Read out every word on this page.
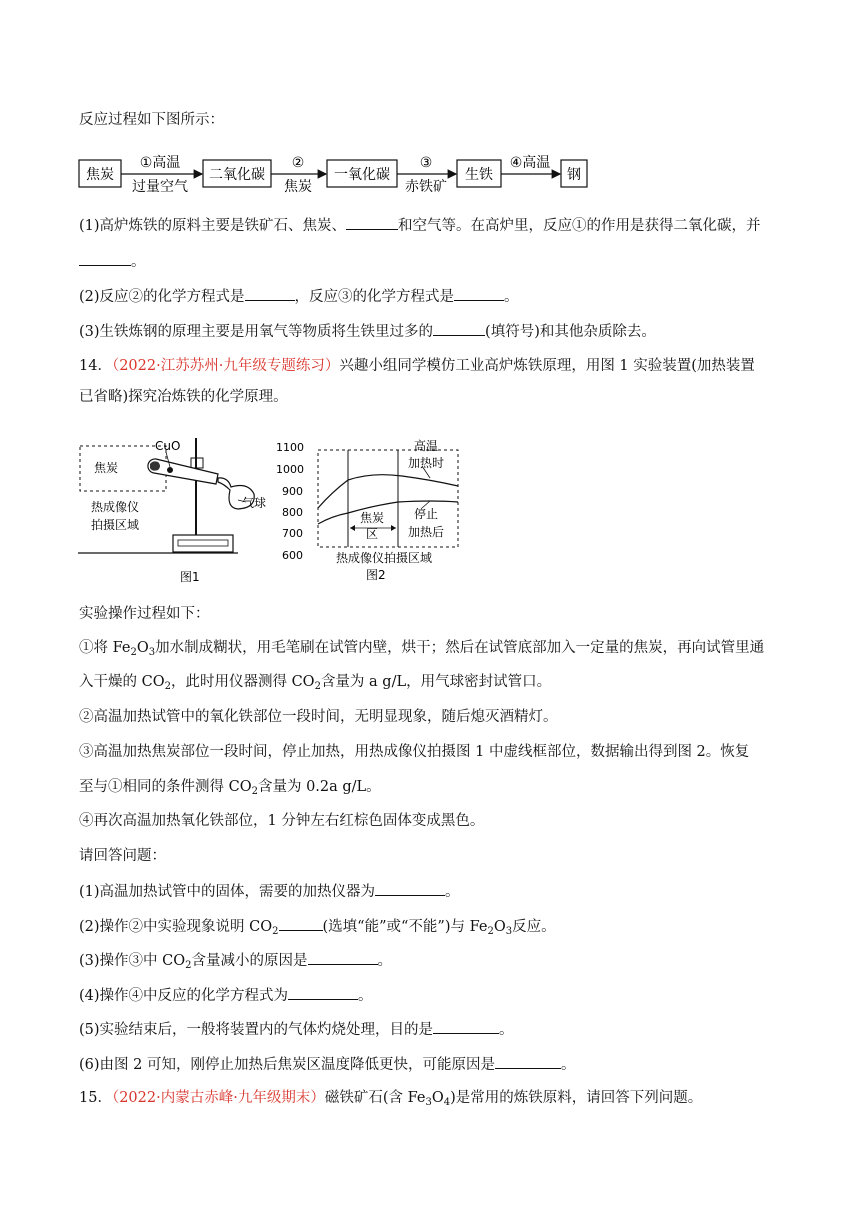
反应过程如下图所示：
焦炭
①高温
过量空气
二氧化碳
②
焦炭
一氧化碳
③
赤铁矿
生铁
④高温
钢
(1)高炉炼铁的原料主要是铁矿石、焦炭、	和空气等。在高炉里，反应①的作用是获得二氧化碳，并
。
(2)反应②的化学方程式是	，反应③的化学方程式是	。
(3)生铁炼钢的原理主要是用氧气等物质将生铁里过多的	(填符号)和其他杂质除去。
14．（2022·江苏苏州·九年级专题练习）兴趣小组同学模仿工业高炉炼铁原理，用图 1 实验装置(加热装置
已省略)探究冶炼铁的化学原理。
CuO
焦炭
气球
热成像仪
拍摄区域
图1
1100
1000
900
800
700
600
高温
加热时
焦炭
区
停止
加热后
热成像仪拍摄区域
图2
实验操作过程如下：
①将 $Fe_2O_3$加水制成糊状，用毛笔刷在试管内壁，烘干；然后在试管底部加入一定量的焦炭，再向试管里通
入干燥的 $CO_2$，此时用仪器测得 $CO_2$含量为 a g/L，用气球密封试管口。
②高温加热试管中的氧化铁部位一段时间，无明显现象，随后熄灭酒精灯。
③高温加热焦炭部位一段时间，停止加热，用热成像仪拍摄图 1 中虚线框部位，数据输出得到图 2。恢复
至与①相同的条件测得 $CO_2$含量为 0.2a g/L。
④再次高温加热氧化铁部位，1 分钟左右红棕色固体变成黑色。
请回答问题：
(1)高温加热试管中的固体，需要的加热仪器为	。
(2)操作②中实验现象说明 $CO_2$	(选填“能”或“不能”)与 $Fe_2O_3$反应。
(3)操作③中 $CO_2$含量减小的原因是	。
(4)操作④中反应的化学方程式为	。
(5)实验结束后，一般将装置内的气体灼烧处理，目的是	。
(6)由图 2 可知，刚停止加热后焦炭区温度降低更快，可能原因是	。
15．（2022·内蒙古赤峰·九年级期末）磁铁矿石(含 $Fe_3O_4$)是常用的炼铁原料，请回答下列问题。
